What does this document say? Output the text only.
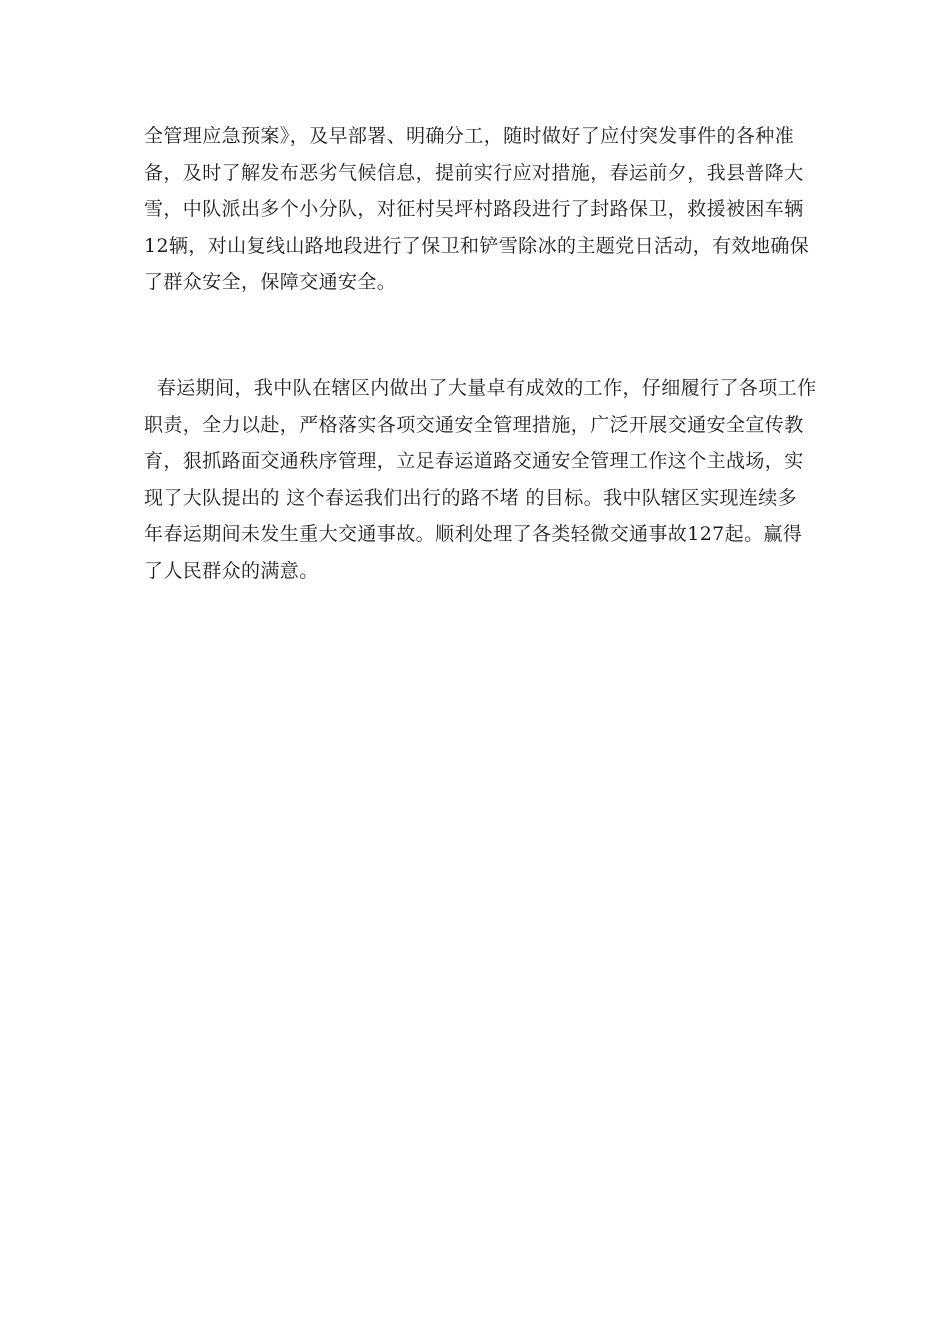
全管理应急预案》，及早部署、明确分工，随时做好了应付突发事件的各种准
备，及时了解发布恶劣气候信息，提前实行应对措施，春运前夕，我县普降大
雪，中队派出多个小分队，对征村吴坪村路段进行了封路保卫，救援被困车辆
12辆，对山复线山路地段进行了保卫和铲雪除冰的主题党日活动，有效地确保
了群众安全，保障交通安全。

春运期间，我中队在辖区内做出了大量卓有成效的工作，仔细履行了各项工作
职责，全力以赴，严格落实各项交通安全管理措施，广泛开展交通安全宣传教
育，狠抓路面交通秩序管理，立足春运道路交通安全管理工作这个主战场，实
现了大队提出的 这个春运我们出行的路不堵 的目标。我中队辖区实现连续多
年春运期间未发生重大交通事故。顺利处理了各类轻微交通事故127起。赢得
了人民群众的满意。
